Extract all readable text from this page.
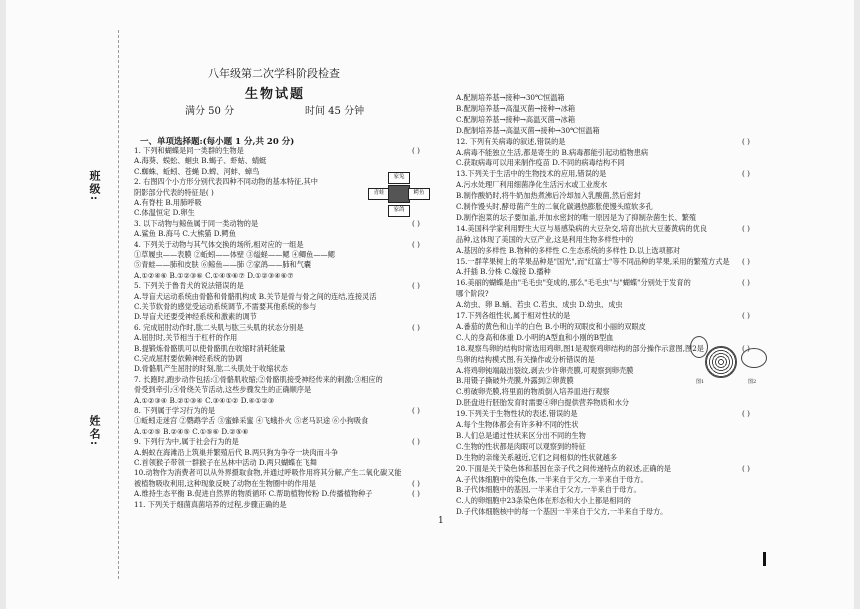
班级:
姓名:
八年级第二次学科阶段检查
生物试题
满分 50 分	时间 45 分钟
一、单项选择题:(每小题 1 分,共 20 分)
1. 下列和蝴蝶是同一类群的生物是	( )
A.海葵、蜈蚣、蛔虫 B.蝎子、虾蛄、蜻蜓
C.蜘蛛、蚯蚓、苍蝇 D.蜱、河蚌、蟑鸟
2. 右图四个小方形分别代表四种不同动物的基本特征,其中
阴影部分代表的特征是( )
A.有脊柱 B.用肺呼吸
C.体温恒定 D.卵生
3. 以下动物与鲸鱼属于同一类动物的是	( )
A.鲨鱼 B.海马 C.大熊猫 D.鳄鱼
4. 下列关于动物与其气体交换的场所,相对应的一组是	( )
①草履虫——表膜 ②蚯蚓——体壁 ③缢蛏——鳃 ④鲫鱼——鳃
⑤青蛙——肺和皮肤 ⑥鲸鱼——肺 ⑦家鸽——肺和气囊
A.①②④⑥ B.①②③⑥ C.①④⑤⑥⑦ D.①②③④⑥⑦
5. 下列关于鲁肯犬的说法错误的是	( )
A.导盲犬运动系统由骨骼和骨骼肌构成 B.关节是骨与骨之间的连结,连接灵活
C.关节软骨的感觉受运动系统调节,不需要其他系统的参与
D.导盲犬还要受神经系统和激素的调节
6. 完成屈肘动作时,肱二头肌与肱三头肌的状态分别是	( )
A.屈肘时,关节相当于杠杆的作用
B.提锻炼骨骼肌可以使骨骼肌在收缩时消耗能量
C.完成屈肘要依赖神经系统的协调
D.骨骼肌产生屈肘的时刻,肱二头肌处于收缩状态
7. 长跑时,跑步动作包括:①骨骼肌收缩;②骨骼肌接受神经传来的刺激;③相应的
骨受到牵引;④骨绕关节活动,这些步骤发生的正确顺序是
A.①②③④ B.②①③④ C.③④①② D.④①②③
8. 下列属于学习行为的是	( )
①蚯蚓走迷宫 ②鹦鹉学舌 ③蜜蜂采蜜 ④飞蛾扑火 ⑤老马识途 ⑥小狗吸食
A.①②⑤ B.②④⑤ C.①⑤⑥ D.②⑤⑥
9. 下列行为中,属于社会行为的是	( )
A.蚂蚁在海滩沿上筑巢并繁殖后代 B.两只狗为争夺一块肉而斗争
C.首领猴子带领一群猴子在丛林中活动 D.两只蝴蝶在飞舞
10.动物作为消费者可以从外界摄取食物,并通过呼吸作用将其分解,产生二氧化碳又能
被植物吸收利用,这种现象反映了动物在生物圈中的作用是	( )
A.维持生态平衡 B.促进自然界的物质循环 C.帮助植物传粉 D.传播植物种子	( )
11. 下列关于细菌真菌培养的过程,步骤正确的是
A.配制培养基→接种→30℃恒温箱
B.配制培养基→高温灭菌→接种→冰箱
C.配制培养基→接种→高温灭菌→冰箱
D.配制培养基→高温灭菌→接种→30℃恒温箱
12. 下列有关病毒的叙述,错误的是	( )
A.病毒不能独立生活,都是寄生的 B.病毒都能引起动植物患病
C.获取病毒可以用来制作疫苗 D.不同的病毒结构不同
13.下列关于生活中的生物技术的应用,错误的是	( )
A.污水处理厂利用细菌净化生活污水或工业废水
B.制作酸奶时,将牛奶加热煮沸后冷却加入乳酸菌,然后密封
C.制作馒头时,酵母菌产生的二氧化碳遇热膨胀使馒头暄软多孔
D.制作泡菜的坛子要加盖,并加水密封的唯一原因是为了抑制杂菌生长、繁殖
14.美国科学家利用野生大豆与易感染病的大豆杂交,培育出抗大豆萎黄病的优良	( )
品种,这体现了美国的大豆产业,这是利用生物多样性中的
A.基因的多样性 B.物种的多样性 C.生态系统的多样性 D.以上选项都对
15.一群苹果树上的苹果品种是"国光",而"红富士"等不同品种的苹果,采用的繁殖方式是 ( )
A.扦插 B.分株 C.嫁接 D.播种
16.美丽的蝴蝶是由"毛毛虫"变成的,那么"毛毛虫"与"蝴蝶"分别处于发育的	( )
哪个阶段?
A.幼虫、卵 B.蛹、若虫 C.若虫、成虫 D.幼虫、成虫
17.下列各组性状,属于相对性状的是	( )
A.番茄的黄色和山羊的白色 B.小明的双眼皮和小丽的双眼皮
C.人的身高和体重 D.小明的A型血和小刚的B型血
18.观察鸟卵的结构时常选用鸡卵,图1是观察鸡卵结构的部分操作示意图,图2是	( )
鸟卵的结构模式图,有关操作或分析错误的是
A.将鸡卵钝端敲出裂纹,剥去少许卵壳膜,可观察到卵壳膜
B.用镊子撕破外壳膜,外露到②卵黄膜
C.剪破卵壳膜,将里面的物质倒入培养皿进行观察
D.胚盘进行胚胎发育时需要④卵白提供营养物质和水分
19.下列关于生物性状的表述,错误的是	( )
A.每个生物体都会有许多种不同的性状
B.人们总是通过性状来区分出不同的生物
C.生物的性状都是肉眼可以观察到的特征
D.生物的亲缘关系越近,它们之间相似的性状就越多
20.下面是关于染色体和基因在亲子代之间传递特点的叙述,正确的是	( )
A.子代体细胞中的染色体,一半来自于父方,一半来自于母方。
B.子代体细胞中的基因,一半来自于父方,一半来自于母方。
C.人的卵细胞中23条染色体在形态和大小上都是相同的
D.子代体细胞核中的每一个基因一半来自于父方,一半来自于母方。
家兔
青蛙	鳄鱼
家鸽
图1	图2
1
